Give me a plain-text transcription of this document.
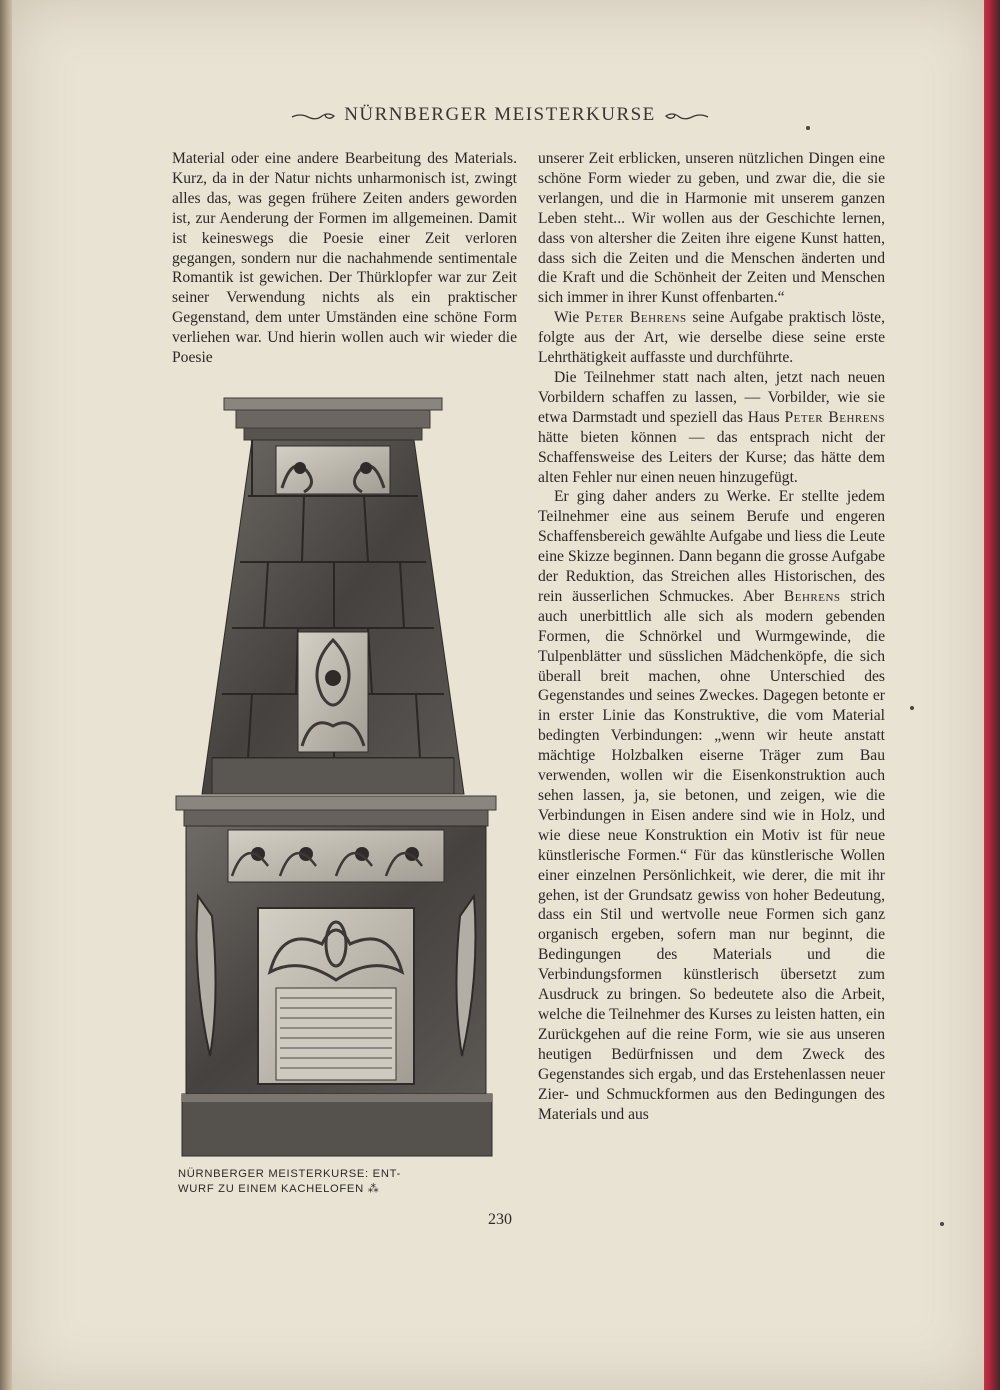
NÜRNBERGER MEISTERKURSE

Material oder eine andere Bearbeitung des Materials. Kurz, da in der Natur nichts unharmonisch ist, zwingt alles das, was gegen frühere Zeiten anders geworden ist, zur Aenderung der Formen im allgemeinen. Damit ist keineswegs die Poesie einer Zeit verloren gegangen, sondern nur die nachahmende sentimentale Romantik ist gewichen. Der Thürklopfer war zur Zeit seiner Verwendung nichts als ein praktischer Gegenstand, dem unter Umständen eine schöne Form verliehen war. Und hierin wollen auch wir wieder die Poesie

unserer Zeit erblicken, unseren nützlichen Dingen eine schöne Form wieder zu geben, und zwar die, die sie verlangen, und die in Harmonie mit unserem ganzen Leben steht... Wir wollen aus der Geschichte lernen, dass von altersher die Zeiten ihre eigene Kunst hatten, dass sich die Zeiten und die Menschen änderten und die Kraft und die Schönheit der Zeiten und Menschen sich immer in ihrer Kunst offenbarten.“

Wie Peter Behrens seine Aufgabe praktisch löste, folgte aus der Art, wie derselbe diese seine erste Lehrthätigkeit auffasste und durchführte.

Die Teilnehmer statt nach alten, jetzt nach neuen Vorbildern schaffen zu lassen, — Vorbilder, wie sie etwa Darmstadt und speziell das Haus Peter Behrens hätte bieten können — das entsprach nicht der Schaffensweise des Leiters der Kurse; das hätte dem alten Fehler nur einen neuen hinzugefügt.

Er ging daher anders zu Werke. Er stellte jedem Teilnehmer eine aus seinem Berufe und engeren Schaffensbereich gewählte Aufgabe und liess die Leute eine Skizze beginnen. Dann begann die grosse Aufgabe der Reduktion, das Streichen alles Historischen, des rein äusserlichen Schmuckes. Aber Behrens strich auch unerbittlich alle sich als modern gebenden Formen, die Schnörkel und Wurmgewinde, die Tulpenblätter und süsslichen Mädchenköpfe, die sich überall breit machen, ohne Unterschied des Gegenstandes und seines Zweckes. Dagegen betonte er in erster Linie das Konstruktive, die vom Material bedingten Verbindungen: „wenn wir heute anstatt mächtige Holzbalken eiserne Träger zum Bau verwenden, wollen wir die Eisenkonstruktion auch sehen lassen, ja, sie betonen, und zeigen, wie die Verbindungen in Eisen andere sind wie in Holz, und wie diese neue Konstruktion ein Motiv ist für neue künstlerische Formen.“ Für das künstlerische Wollen einer einzelnen Persönlichkeit, wie derer, die mit ihr gehen, ist der Grundsatz gewiss von hoher Bedeutung, dass ein Stil und wertvolle neue Formen sich ganz organisch ergeben, sofern man nur beginnt, die Bedingungen des Materials und die Verbindungsformen künstlerisch übersetzt zum Ausdruck zu bringen. So bedeutete also die Arbeit, welche die Teilnehmer des Kurses zu leisten hatten, ein Zurückgehen auf die reine Form, wie sie aus unseren heutigen Bedürfnissen und dem Zweck des Gegenstandes sich ergab, und das Erstehenlassen neuer Zier- und Schmuckformen aus den Bedingungen des Materials und aus

NÜRNBERGER MEISTERKURSE: ENT-
WURF ZU EINEM KACHELOFEN ⁂
230
